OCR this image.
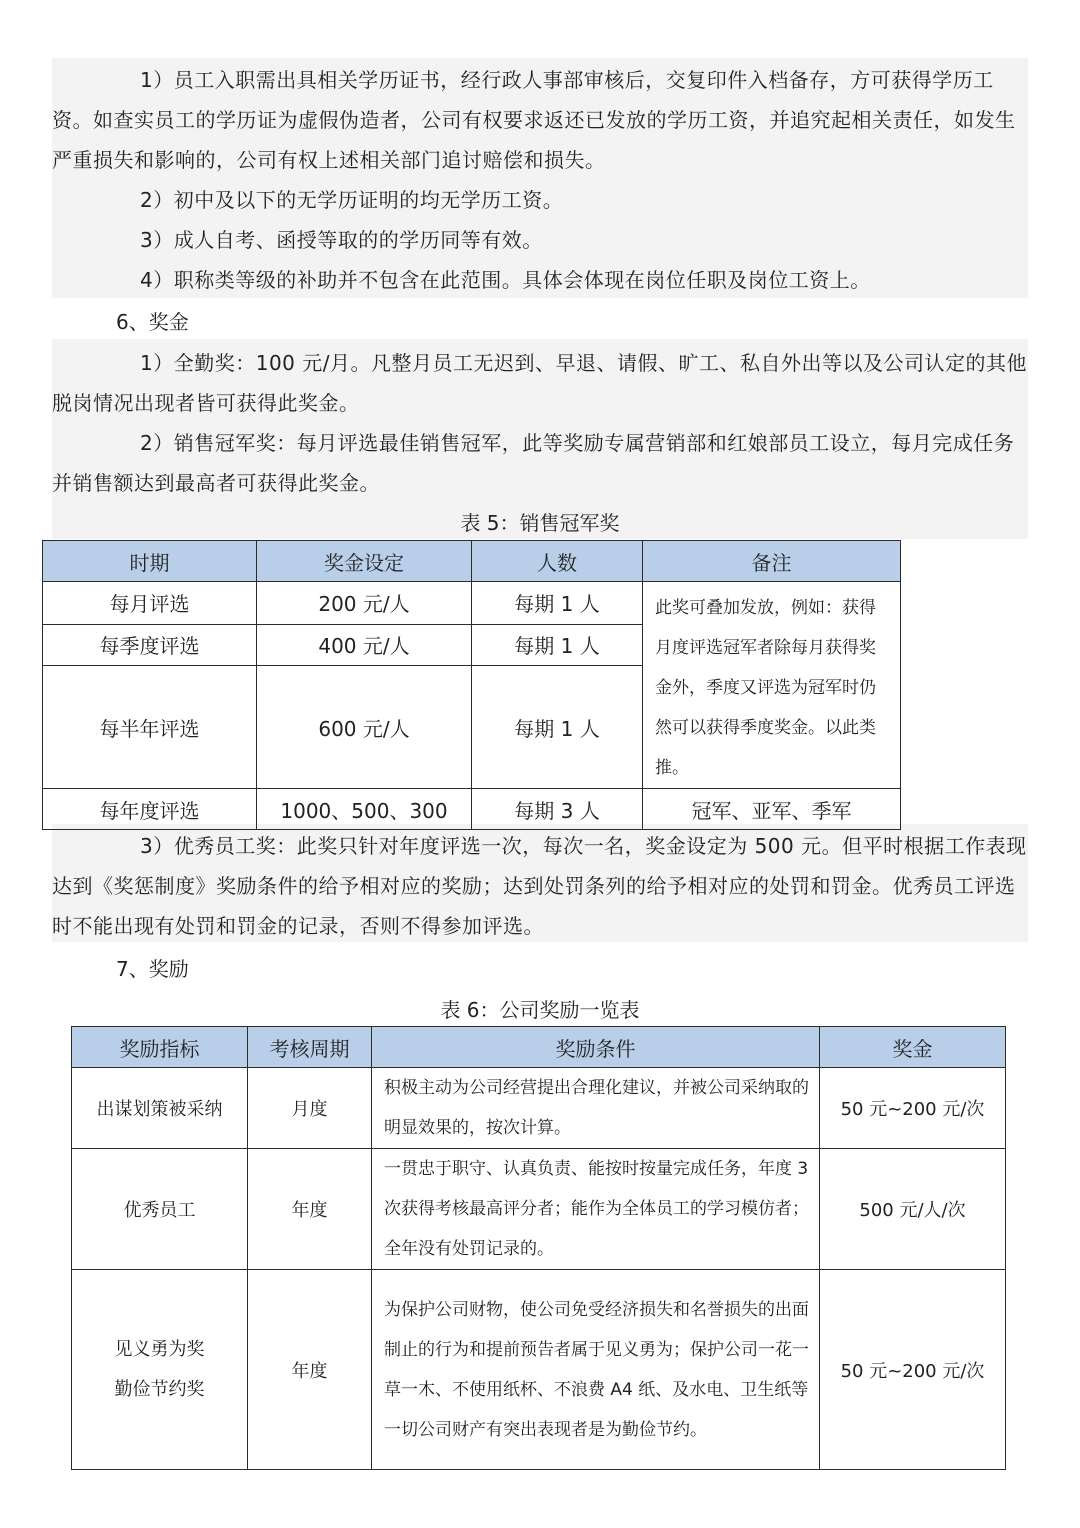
1）员工入职需出具相关学历证书，经行政人事部审核后，交复印件入档备存，方可获得学历工资。如查实员工的学历证为虚假伪造者，公司有权要求返还已发放的学历工资，并追究起相关责任，如发生严重损失和影响的，公司有权上述相关部门追讨赔偿和损失。

2）初中及以下的无学历证明的均无学历工资。

3）成人自考、函授等取的的学历同等有效。

4）职称类等级的补助并不包含在此范围。具体会体现在岗位任职及岗位工资上。

6、奖金

1）全勤奖：100 元/月。凡整月员工无迟到、早退、请假、旷工、私自外出等以及公司认定的其他脱岗情况出现者皆可获得此奖金。

2）销售冠军奖：每月评选最佳销售冠军，此等奖励专属营销部和红娘部员工设立，每月完成任务并销售额达到最高者可获得此奖金。

表 5：销售冠军奖

时期	奖金设定	人数	备注
每月评选	200 元/人	每期 1 人	此奖可叠加发放，例如：获得月度评选冠军者除每月获得奖金外，季度又评选为冠军时仍然可以获得季度奖金。以此类推。
每季度评选	400 元/人	每期 1 人	
每半年评选	600 元/人	每期 1 人	
每年度评选	1000、500、300	每期 3 人	冠军、亚军、季军

3）优秀员工奖：此奖只针对年度评选一次，每次一名，奖金设定为 500 元。但平时根据工作表现达到《奖惩制度》奖励条件的给予相对应的奖励；达到处罚条列的给予相对应的处罚和罚金。优秀员工评选时不能出现有处罚和罚金的记录，否则不得参加评选。

7、奖励

表 6：公司奖励一览表

奖励指标	考核周期	奖励条件	奖金

出谋划策被采纳	月度	积极主动为公司经营提出合理化建议，并被公司采纳取的明显效果的，按次计算。	50 元~200 元/次

优秀员工	年度	一贯忠于职守、认真负责、能按时按量完成任务，年度 3 次获得考核最高评分者；能作为全体员工的学习模仿者；全年没有处罚记录的。	500 元/人/次

见义勇为奖
勤俭节约奖	年度	为保护公司财物，使公司免受经济损失和名誉损失的出面制止的行为和提前预告者属于见义勇为；保护公司一花一草一木、不使用纸杯、不浪费 A4 纸、及水电、卫生纸等一切公司财产有突出表现者是为勤俭节约。	50 元~200 元/次
